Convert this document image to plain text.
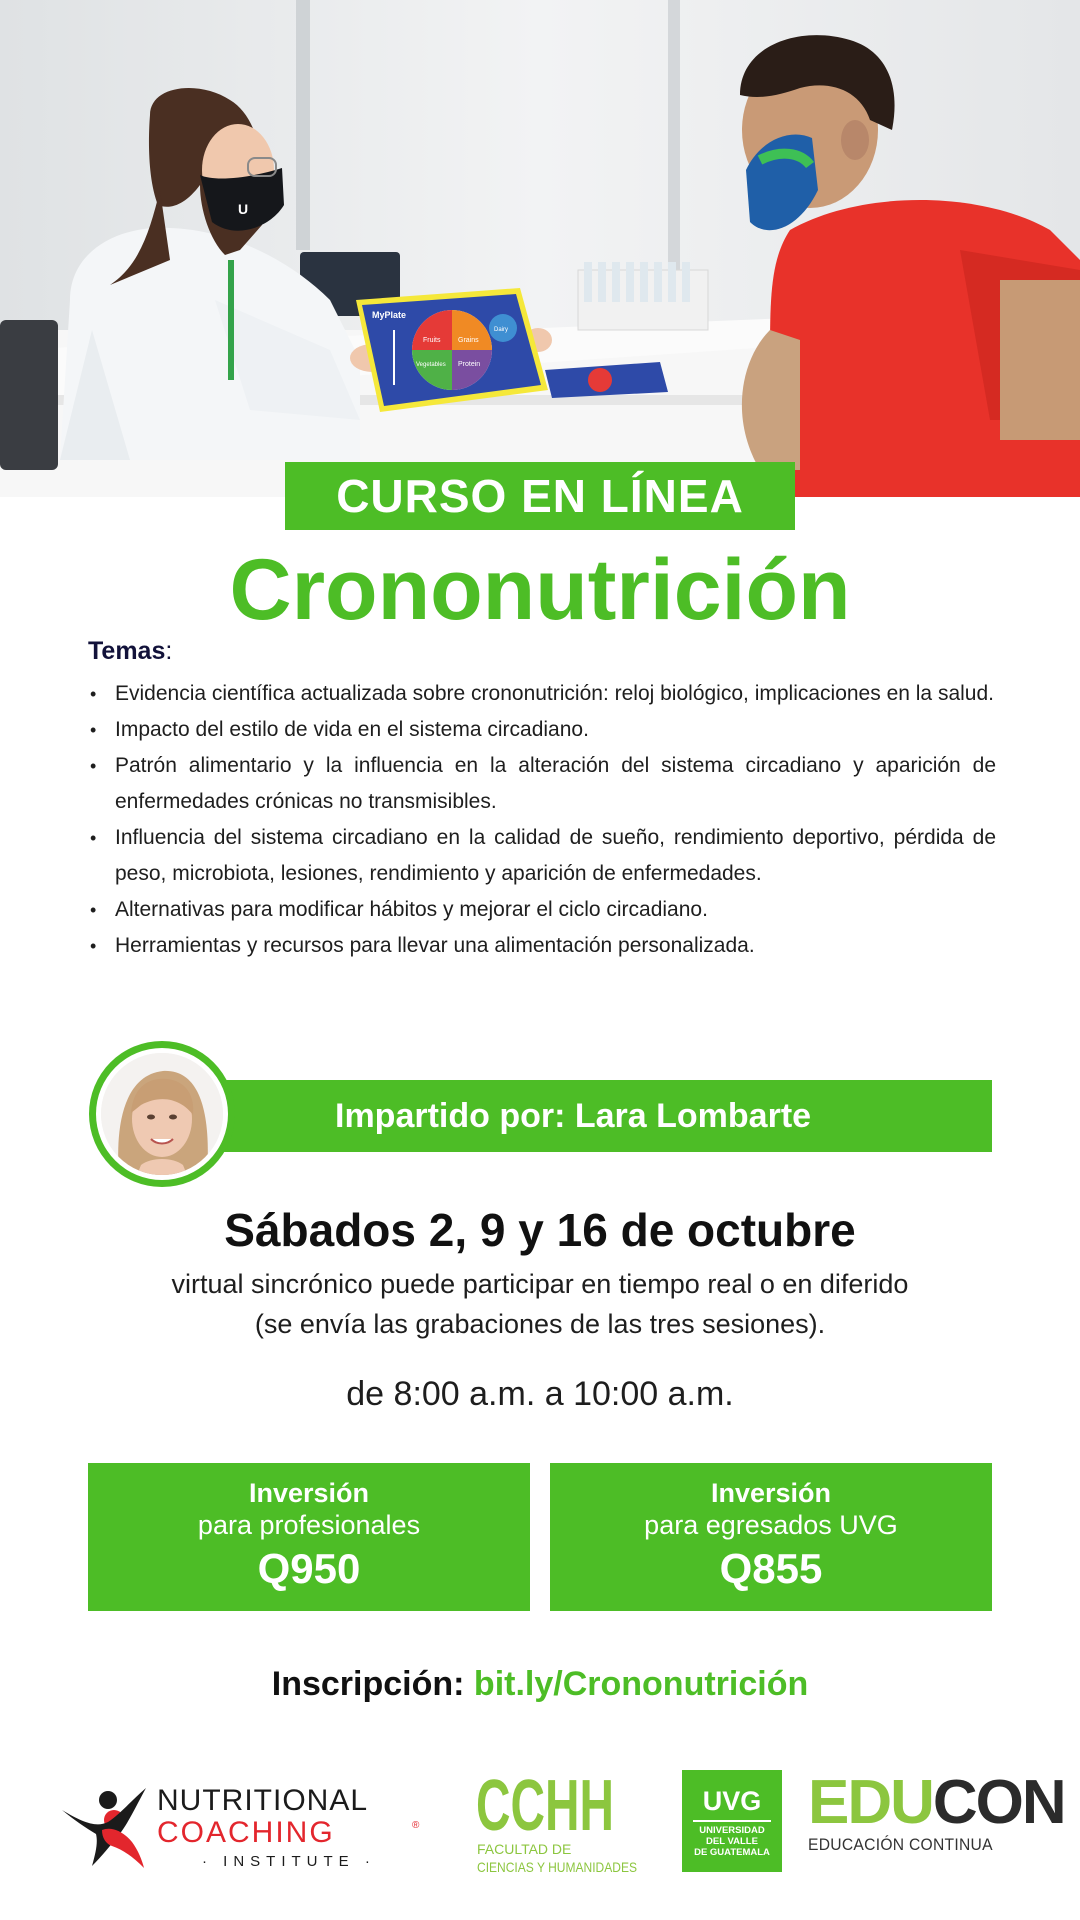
U
MyPlate
Fruits	Grains
Vegetables Protein
Dairy
CURSO EN LÍNEA
Crononutrición
Temas:
• Evidencia científica actualizada sobre crononutrición: reloj biológico, implicaciones en la salud.
• Impacto del estilo de vida en el sistema circadiano.
• Patrón alimentario y la influencia en la alteración del sistema circadiano y aparición de enfermedades crónicas no transmisibles.
• Influencia del sistema circadiano en la calidad de sueño, rendimiento deportivo, pérdida de peso, microbiota, lesiones, rendimiento y aparición de enfermedades.
• Alternativas para modificar hábitos y mejorar el ciclo circadiano.
• Herramientas y recursos para llevar una alimentación personalizada.
Impartido por: Lara Lombarte
Sábados 2, 9 y 16 de octubre
virtual sincrónico puede participar en tiempo real o en diferido
(se envía las grabaciones de las tres sesiones).
de 8:00 a.m. a 10:00 a.m.
Inversión
para profesionales
Q950
Inversión
para egresados UVG
Q855
Inscripción: bit.ly/Crononutrición
NUTRITIONAL
COACHING	®
· INSTITUTE ·
CCHH
FACULTAD DE
CIENCIAS Y HUMANIDADES
UVG
UNIVERSIDAD
DEL VALLE
DE GUATEMALA
EDUCON
EDUCACIÓN CONTINUA
